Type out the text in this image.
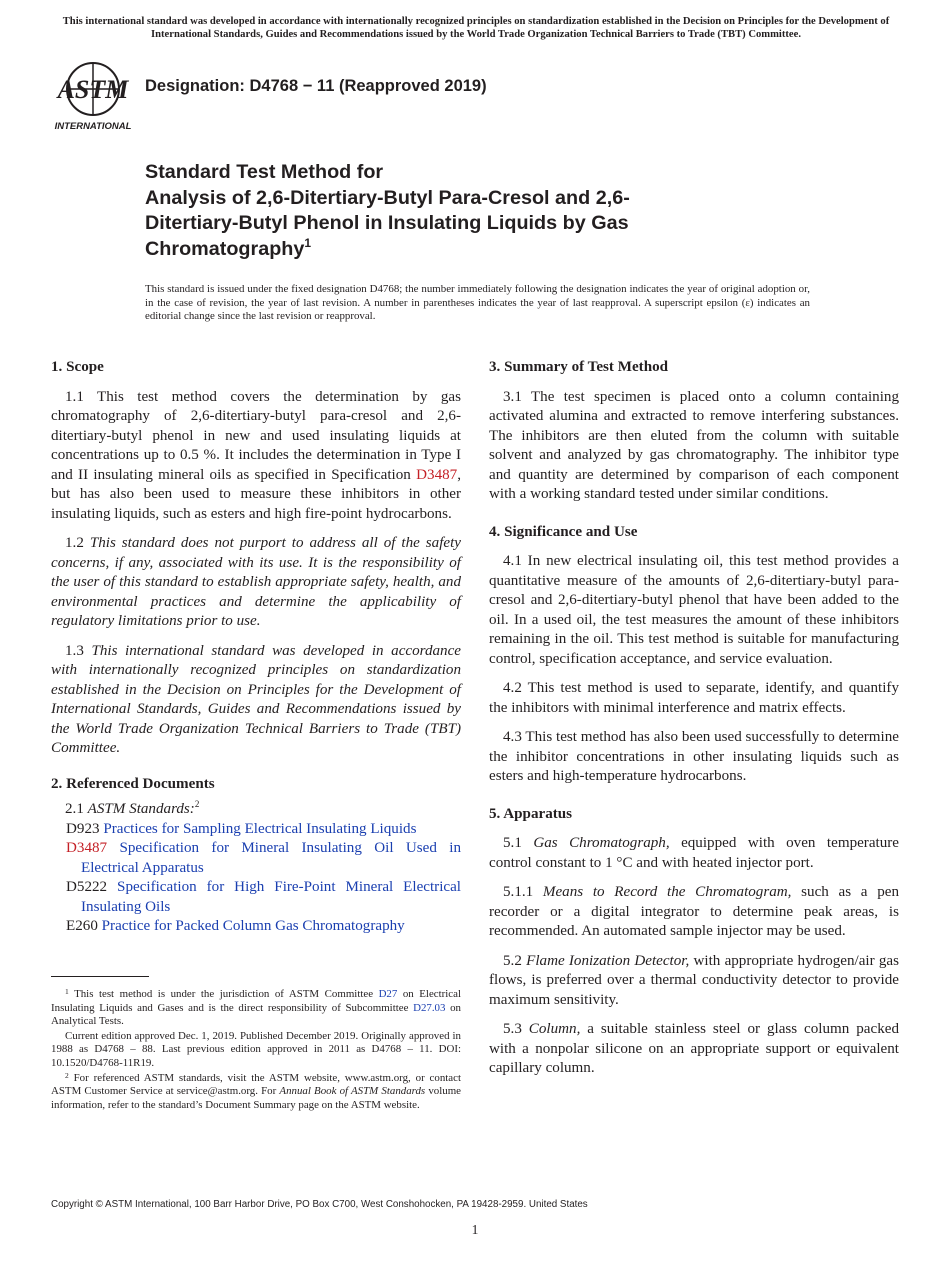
This international standard was developed in accordance with internationally recognized principles on standardization established in the Decision on Principles for the Development of International Standards, Guides and Recommendations issued by the World Trade Organization Technical Barriers to Trade (TBT) Committee.
ASTM
INTERNATIONAL
Designation: D4768 − 11 (Reapproved 2019)
Standard Test Method for
Analysis of 2,6-Ditertiary-Butyl Para-Cresol and 2,6-
Ditertiary-Butyl Phenol in Insulating Liquids by Gas
Chromatography$^1$
This standard is issued under the fixed designation D4768; the number immediately following the designation indicates the year of original adoption or, in the case of revision, the year of last revision. A number in parentheses indicates the year of last reapproval. A superscript epsilon (ε) indicates an editorial change since the last revision or reapproval.
1. Scope

1.1 This test method covers the determination by gas chromatography of 2,6-ditertiary-butyl para-cresol and 2,6-ditertiary-butyl phenol in new and used insulating liquids at concentrations up to 0.5 %. It includes the determination in Type I and II insulating mineral oils as specified in Specification D3487, but has also been used to measure these inhibitors in other insulating liquids, such as esters and high fire-point hydrocarbons.

1.2 This standard does not purport to address all of the safety concerns, if any, associated with its use. It is the responsibility of the user of this standard to establish appropriate safety, health, and environmental practices and determine the applicability of regulatory limitations prior to use.

1.3 This international standard was developed in accordance with internationally recognized principles on standardization established in the Decision on Principles for the Development of International Standards, Guides and Recommendations issued by the World Trade Organization Technical Barriers to Trade (TBT) Committee.

2. Referenced Documents
2.1 ASTM Standards:$^2$
D923 Practices for Sampling Electrical Insulating Liquids
D3487 Specification for Mineral Insulating Oil Used in Electrical Apparatus
D5222 Specification for High Fire-Point Mineral Electrical Insulating Oils
E260 Practice for Packed Column Gas Chromatography

$^1$ This test method is under the jurisdiction of ASTM Committee D27 on Electrical Insulating Liquids and Gases and is the direct responsibility of Subcommittee D27.03 on Analytical Tests.

Current edition approved Dec. 1, 2019. Published December 2019. Originally approved in 1988 as D4768 – 88. Last previous edition approved in 2011 as D4768 – 11. DOI: 10.1520/D4768-11R19.

$^2$ For referenced ASTM standards, visit the ASTM website, www.astm.org, or contact ASTM Customer Service at service@astm.org. For Annual Book of ASTM Standards volume information, refer to the standard’s Document Summary page on the ASTM website.

3. Summary of Test Method

3.1 The test specimen is placed onto a column containing activated alumina and extracted to remove interfering substances. The inhibitors are then eluted from the column with suitable solvent and analyzed by gas chromatography. The inhibitor type and quantity are determined by comparison of each component with a working standard tested under similar conditions.

4. Significance and Use

4.1 In new electrical insulating oil, this test method provides a quantitative measure of the amounts of 2,6-ditertiary-butyl para-cresol and 2,6-ditertiary-butyl phenol that have been added to the oil. In a used oil, the test measures the amount of these inhibitors remaining in the oil. This test method is suitable for manufacturing control, specification acceptance, and service evaluation.

4.2 This test method is used to separate, identify, and quantify the inhibitors with minimal interference and matrix effects.

4.3 This test method has also been used successfully to determine the inhibitor concentrations in other insulating liquids such as esters and high-temperature hydrocarbons.

5. Apparatus

5.1 Gas Chromatograph, equipped with oven temperature control constant to 1 °C and with heated injector port.

5.1.1 Means to Record the Chromatogram, such as a pen recorder or a digital integrator to determine peak areas, is recommended. An automated sample injector may be used.

5.2 Flame Ionization Detector, with appropriate hydrogen/air gas flows, is preferred over a thermal conductivity detector to provide maximum sensitivity.

5.3 Column, a suitable stainless steel or glass column packed with a nonpolar silicone on an appropriate support or equivalent capillary column.

Copyright © ASTM International, 100 Barr Harbor Drive, PO Box C700, West Conshohocken, PA 19428-2959. United States
1
